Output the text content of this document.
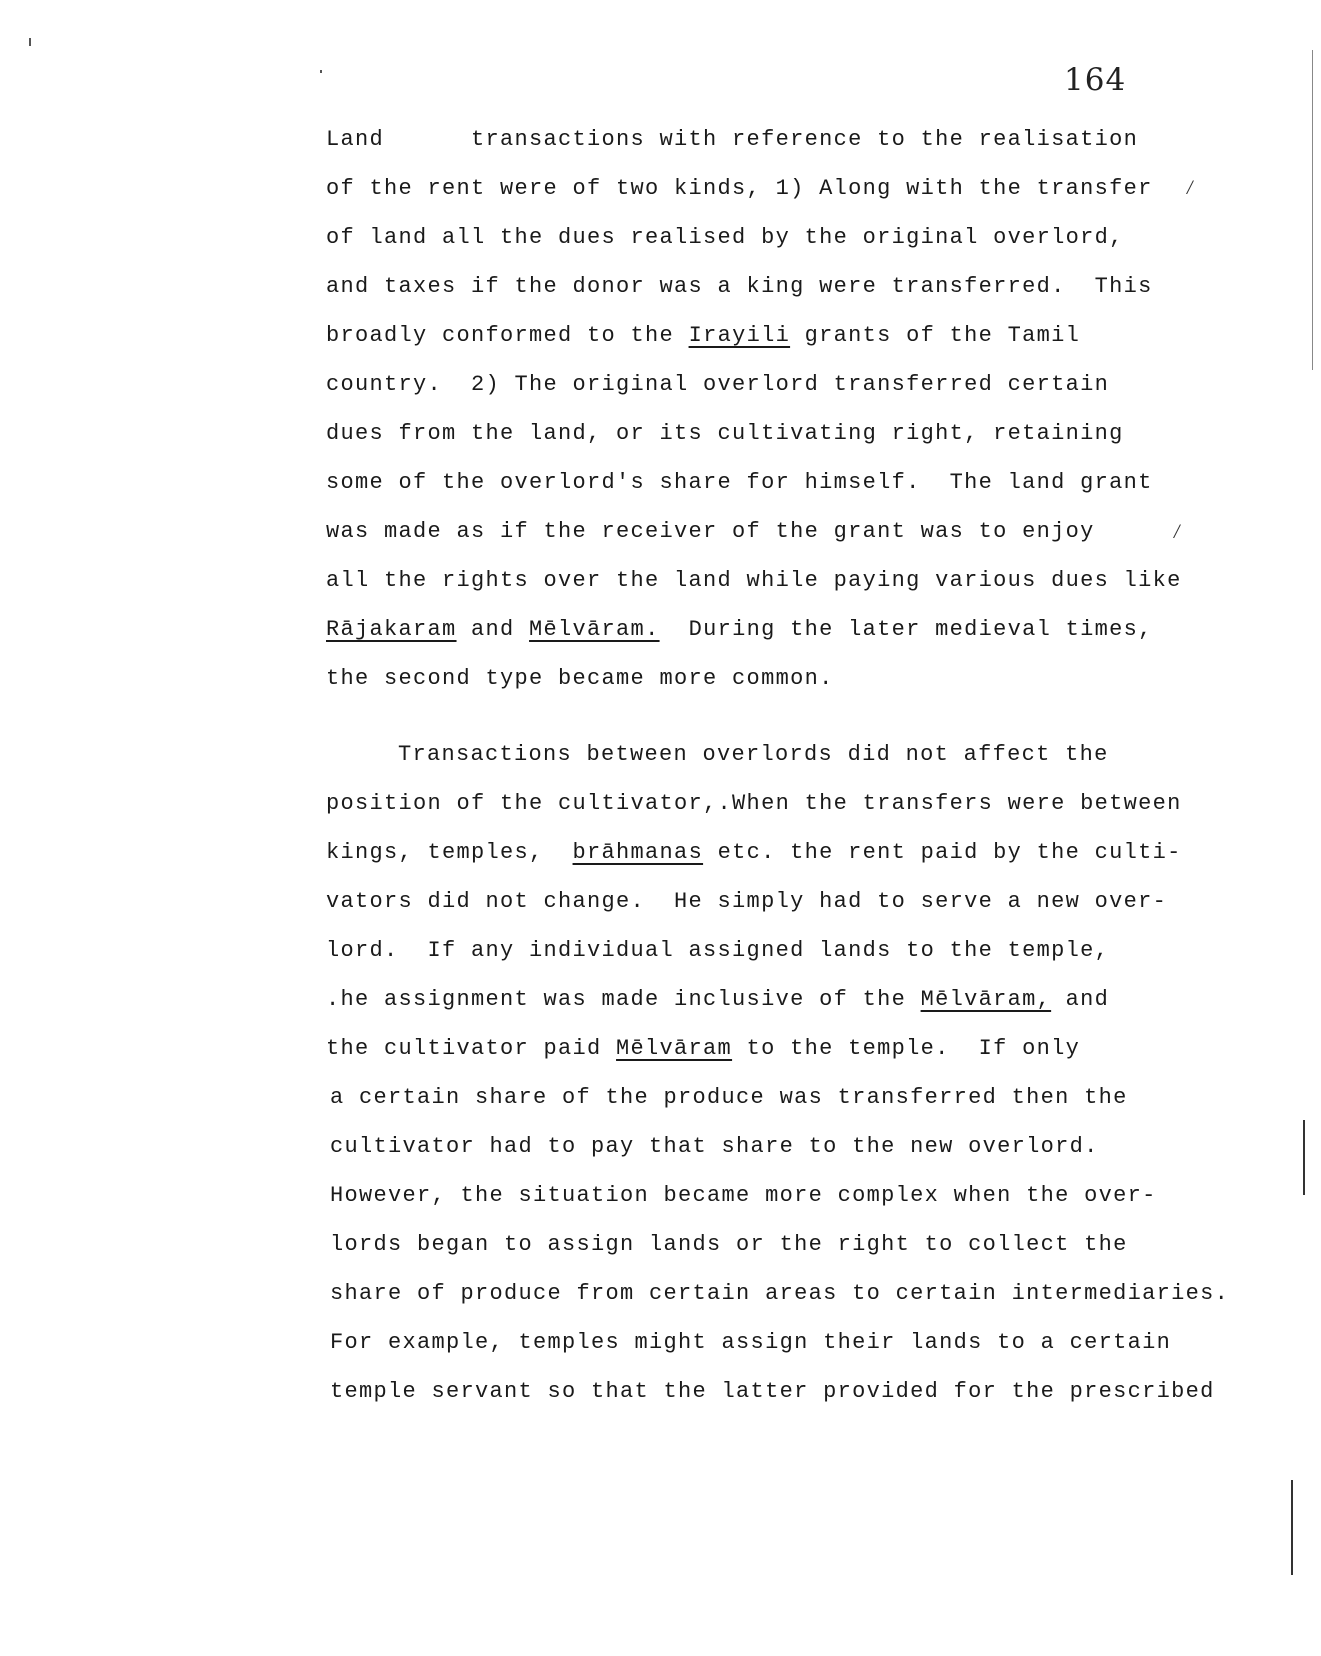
⁄
⁄
164
Land      transactions with reference to the realisation
of the rent were of two kinds, 1) Along with the transfer
of land all the dues realised by the original overlord,
and taxes if the donor was a king were transferred.  This
broadly conformed to the Irayili grants of the Tamil
country.  2) The original overlord transferred certain
dues from the land, or its cultivating right, retaining
some of the overlord's share for himself.  The land grant
was made as if the receiver of the grant was to enjoy
all the rights over the land while paying various dues like
Rājakaram and Mēlvāram.  During the later medieval times,
the second type became more common.
Transactions between overlords did not affect the
position of the cultivator,.When the transfers were between
kings, temples,  brāhmanas etc. the rent paid by the culti-
vators did not change.  He simply had to serve a new over-
lord.  If any individual assigned lands to the temple,
.he assignment was made inclusive of the Mēlvāram, and
the cultivator paid Mēlvāram to the temple.  If only
a certain share of the produce was transferred then the
cultivator had to pay that share to the new overlord.
However, the situation became more complex when the over-
lords began to assign lands or the right to collect the
share of produce from certain areas to certain intermediaries.
For example, temples might assign their lands to a certain
temple servant so that the latter provided for the prescribed
